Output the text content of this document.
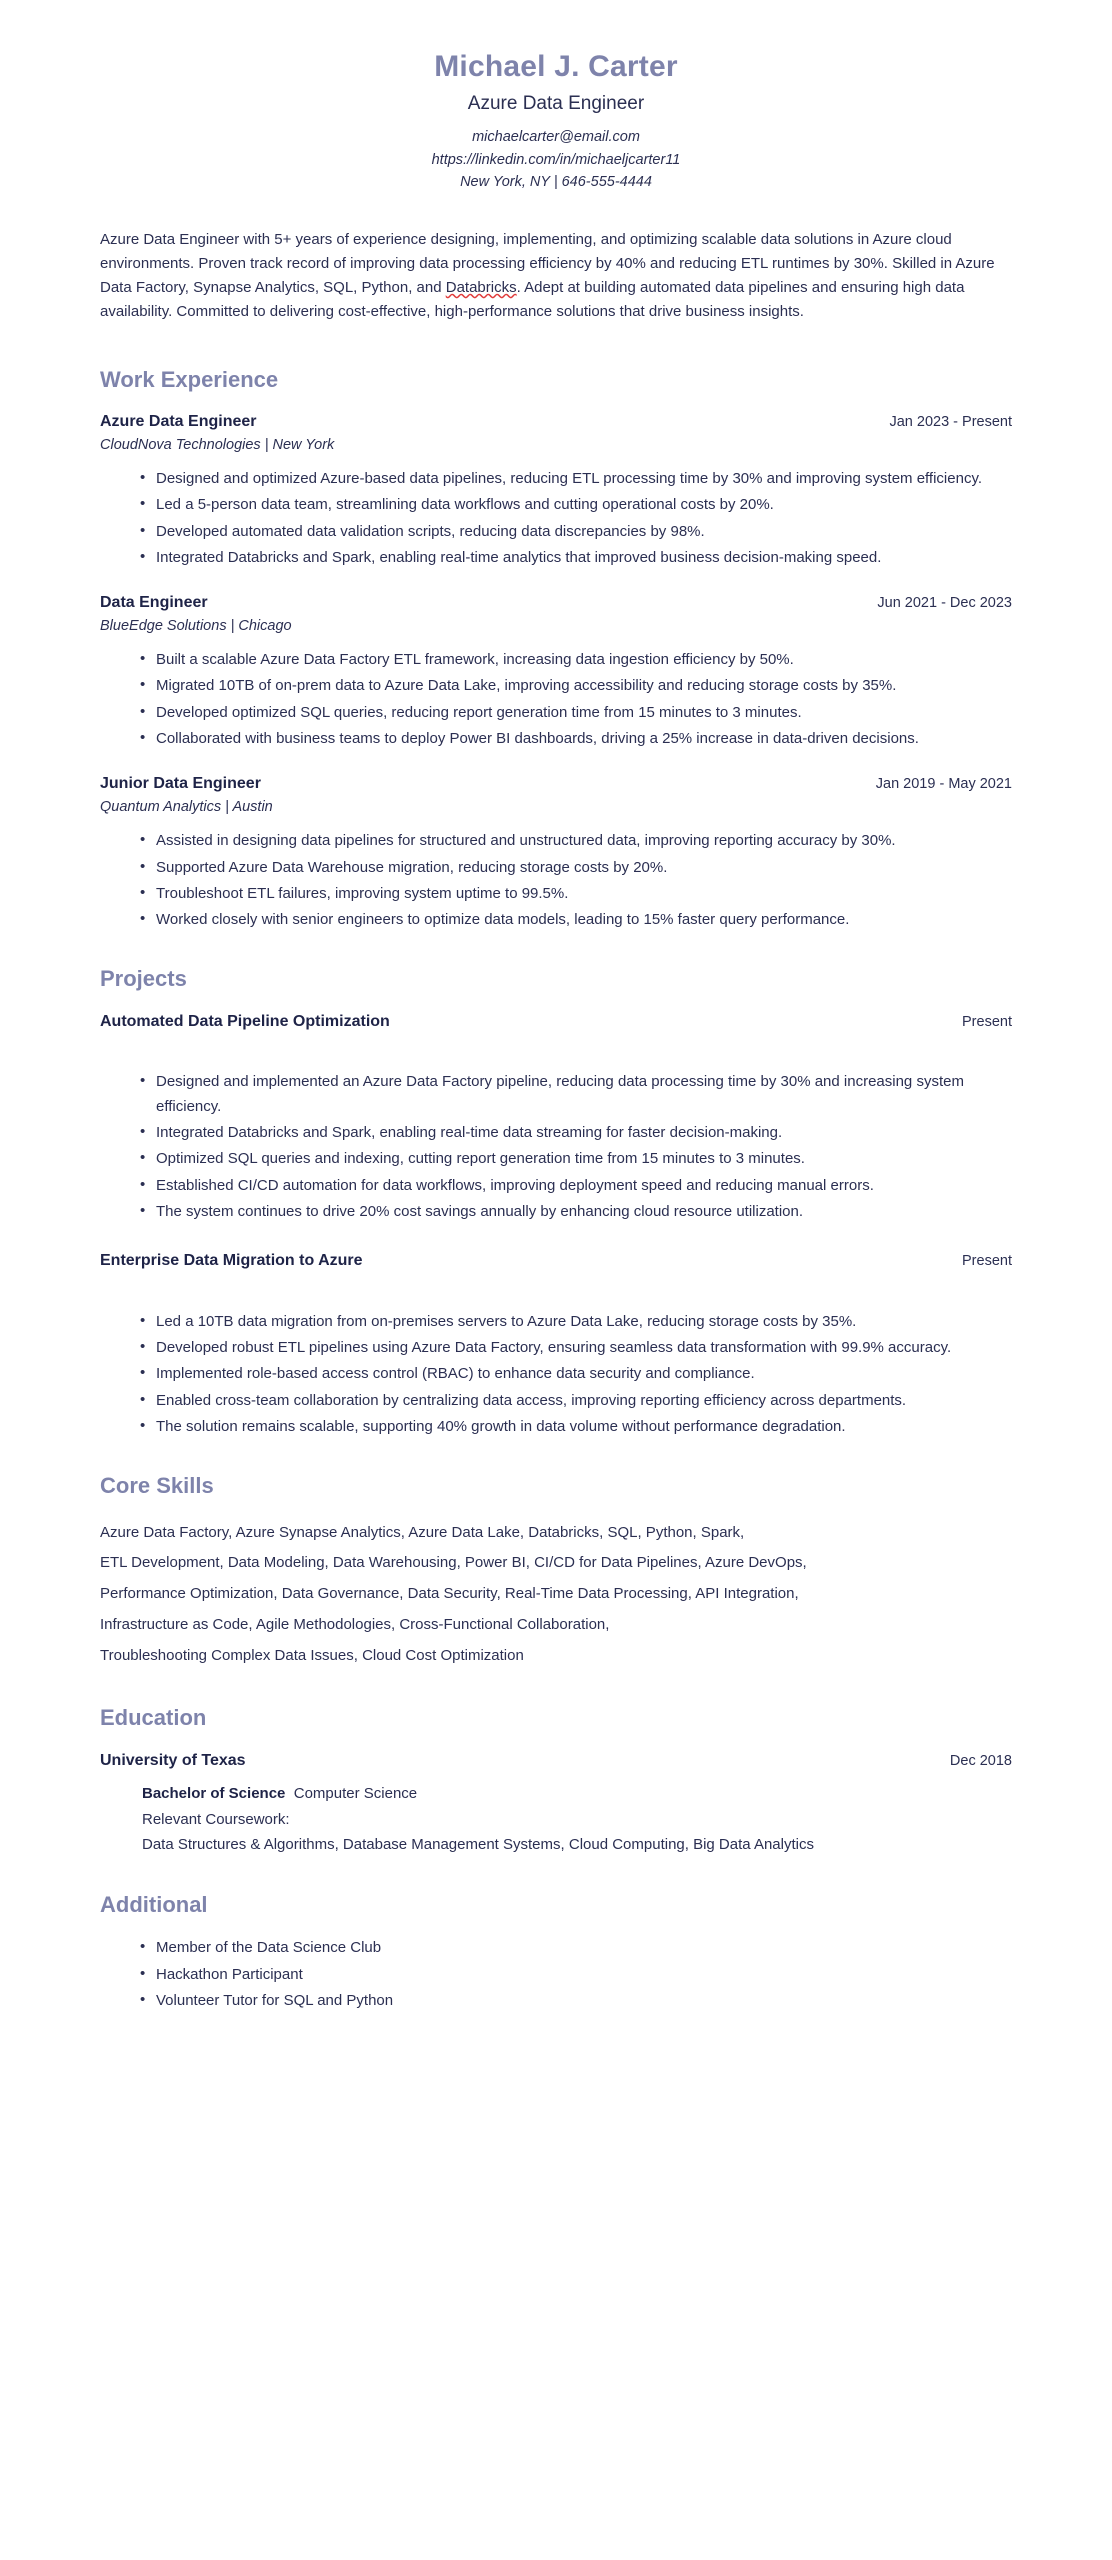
Michael J. Carter
Azure Data Engineer
michaelcarter@email.com
https://linkedin.com/in/michaeljcarter11
New York, NY | 646-555-4444

Azure Data Engineer with 5+ years of experience designing, implementing, and optimizing scalable data solutions in Azure cloud environments. Proven track record of improving data processing efficiency by 40% and reducing ETL runtimes by 30%. Skilled in Azure Data Factory, Synapse Analytics, SQL, Python, and Databricks. Adept at building automated data pipelines and ensuring high data availability. Committed to delivering cost-effective, high-performance solutions that drive business insights.

Work Experience
Azure Data Engineer	Jan 2023 - Present
CloudNova Technologies | New York
• Designed and optimized Azure-based data pipelines, reducing ETL processing time by 30% and improving system efficiency.
• Led a 5-person data team, streamlining data workflows and cutting operational costs by 20%.
• Developed automated data validation scripts, reducing data discrepancies by 98%.
• Integrated Databricks and Spark, enabling real-time analytics that improved business decision-making speed.
Data Engineer	Jun 2021 - Dec 2023
BlueEdge Solutions | Chicago
• Built a scalable Azure Data Factory ETL framework, increasing data ingestion efficiency by 50%.
• Migrated 10TB of on-prem data to Azure Data Lake, improving accessibility and reducing storage costs by 35%.
• Developed optimized SQL queries, reducing report generation time from 15 minutes to 3 minutes.
• Collaborated with business teams to deploy Power BI dashboards, driving a 25% increase in data-driven decisions.
Junior Data Engineer	Jan 2019 - May 2021
Quantum Analytics | Austin
• Assisted in designing data pipelines for structured and unstructured data, improving reporting accuracy by 30%.
• Supported Azure Data Warehouse migration, reducing storage costs by 20%.
• Troubleshoot ETL failures, improving system uptime to 99.5%.
• Worked closely with senior engineers to optimize data models, leading to 15% faster query performance.
Projects
Automated Data Pipeline Optimization	Present
• Designed and implemented an Azure Data Factory pipeline, reducing data processing time by 30% and increasing system efficiency.
• Integrated Databricks and Spark, enabling real-time data streaming for faster decision-making.
• Optimized SQL queries and indexing, cutting report generation time from 15 minutes to 3 minutes.
• Established CI/CD automation for data workflows, improving deployment speed and reducing manual errors.
• The system continues to drive 20% cost savings annually by enhancing cloud resource utilization.
Enterprise Data Migration to Azure	Present
• Led a 10TB data migration from on-premises servers to Azure Data Lake, reducing storage costs by 35%.
• Developed robust ETL pipelines using Azure Data Factory, ensuring seamless data transformation with 99.9% accuracy.
• Implemented role-based access control (RBAC) to enhance data security and compliance.
• Enabled cross-team collaboration by centralizing data access, improving reporting efficiency across departments.
• The solution remains scalable, supporting 40% growth in data volume without performance degradation.
Core Skills
Azure Data Factory, Azure Synapse Analytics, Azure Data Lake, Databricks, SQL, Python, Spark,
ETL Development, Data Modeling, Data Warehousing, Power BI, CI/CD for Data Pipelines, Azure DevOps,
Performance Optimization, Data Governance, Data Security, Real-Time Data Processing, API Integration,
Infrastructure as Code, Agile Methodologies, Cross-Functional Collaboration,
Troubleshooting Complex Data Issues, Cloud Cost Optimization
Education
University of Texas	Dec 2018
Bachelor of Science Computer Science
Relevant Coursework:
Data Structures & Algorithms, Database Management Systems, Cloud Computing, Big Data Analytics
Additional
• Member of the Data Science Club
• Hackathon Participant
• Volunteer Tutor for SQL and Python
